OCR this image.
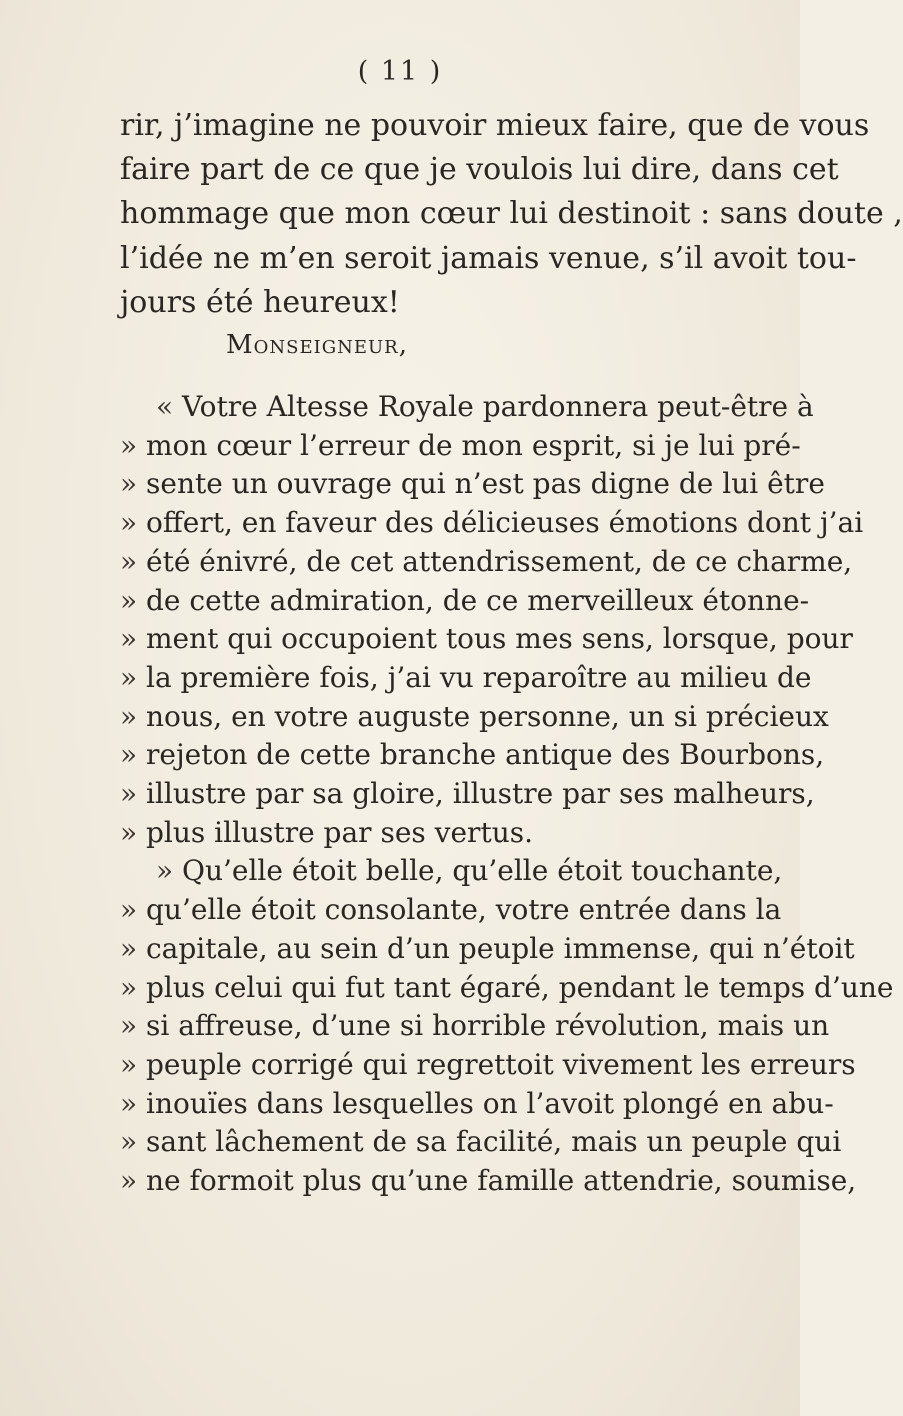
( 11 )
rir, j’imagine ne pouvoir mieux faire, que de vous
faire part de ce que je voulois lui dire, dans cet
hommage que mon cœur lui destinoit : sans doute ,
l’idée ne m’en seroit jamais venue, s’il avoit tou-
jours été heureux!
Monseigneur,
« Votre Altesse Royale pardonnera peut-être à
» mon cœur l’erreur de mon esprit, si je lui pré-
» sente un ouvrage qui n’est pas digne de lui être
» offert, en faveur des délicieuses émotions dont j’ai
» été énivré, de cet attendrissement, de ce charme,
» de cette admiration, de ce merveilleux étonne-
» ment qui occupoient tous mes sens, lorsque, pour
» la première fois, j’ai vu reparoître au milieu de
» nous, en votre auguste personne, un si précieux
» rejeton de cette branche antique des Bourbons,
» illustre par sa gloire, illustre par ses malheurs,
» plus illustre par ses vertus.
» Qu’elle étoit belle, qu’elle étoit touchante,
» qu’elle étoit consolante, votre entrée dans la
» capitale, au sein d’un peuple immense, qui n’étoit
» plus celui qui fut tant égaré, pendant le temps d’une
» si affreuse, d’une si horrible révolution, mais un
» peuple corrigé qui regrettoit vivement les erreurs
» inouïes dans lesquelles on l’avoit plongé en abu-
» sant lâchement de sa facilité, mais un peuple qui
» ne formoit plus qu’une famille attendrie, soumise,
